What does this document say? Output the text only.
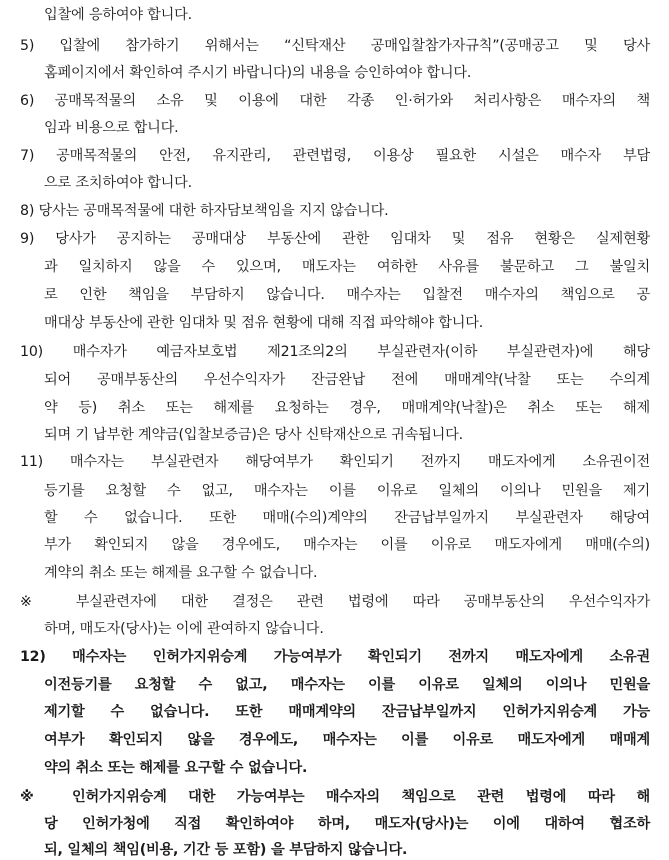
입찰에 응하여야 합니다.
5) 입찰에 참가하기 위해서는 “신탁재산 공매입찰참가자규칙”(공매공고 및 당사
홈페이지에서 확인하여 주시기 바랍니다)의 내용을 승인하여야 합니다.
6) 공매목적물의 소유 및 이용에 대한 각종 인·허가와 처리사항은 매수자의 책
임과 비용으로 합니다.
7) 공매목적물의 안전, 유지관리, 관련법령, 이용상 필요한 시설은 매수자 부담
으로 조치하여야 합니다.
8) 당사는 공매목적물에 대한 하자담보책임을 지지 않습니다.
9) 당사가 공지하는 공매대상 부동산에 관한 임대차 및 점유 현황은 실제현황
과 일치하지 않을 수 있으며, 매도자는 여하한 사유를 불문하고 그 불일치
로 인한 책임을 부담하지 않습니다. 매수자는 입찰전 매수자의 책임으로 공
매대상 부동산에 관한 임대차 및 점유 현황에 대해 직접 파악해야 합니다.
10) 매수자가 예금자보호법 제21조의2의 부실관련자(이하 부실관련자)에 해당
되어 공매부동산의 우선수익자가 잔금완납 전에 매매계약(낙찰 또는 수의계
약 등) 취소 또는 해제를 요청하는 경우, 매매계약(낙찰)은 취소 또는 해제
되며 기 납부한 계약금(입찰보증금)은 당사 신탁재산으로 귀속됩니다.
11) 매수자는 부실관련자 해당여부가 확인되기 전까지 매도자에게 소유권이전
등기를 요청할 수 없고, 매수자는 이를 이유로 일체의 이의나 민원을 제기
할 수 없습니다. 또한 매매(수의)계약의 잔금납부일까지 부실관련자 해당여
부가 확인되지 않을 경우에도, 매수자는 이를 이유로 매도자에게 매매(수의)
계약의 취소 또는 해제를 요구할 수 없습니다.
※ 부실관련자에 대한 결정은 관련 법령에 따라 공매부동산의 우선수익자가
하며, 매도자(당사)는 이에 관여하지 않습니다.
12) 매수자는 인허가지위승계 가능여부가 확인되기 전까지 매도자에게 소유권
이전등기를 요청할 수 없고, 매수자는 이를 이유로 일체의 이의나 민원을
제기할 수 없습니다. 또한 매매계약의 잔금납부일까지 인허가지위승계 가능
여부가 확인되지 않을 경우에도, 매수자는 이를 이유로 매도자에게 매매계
약의 취소 또는 해제를 요구할 수 없습니다.
※ 인허가지위승계 대한 가능여부는 매수자의 책임으로 관련 법령에 따라 해
당 인허가청에 직접 확인하여야 하며, 매도자(당사)는 이에 대하여 협조하
되, 일체의 책임(비용, 기간 등 포함) 을 부담하지 않습니다.
